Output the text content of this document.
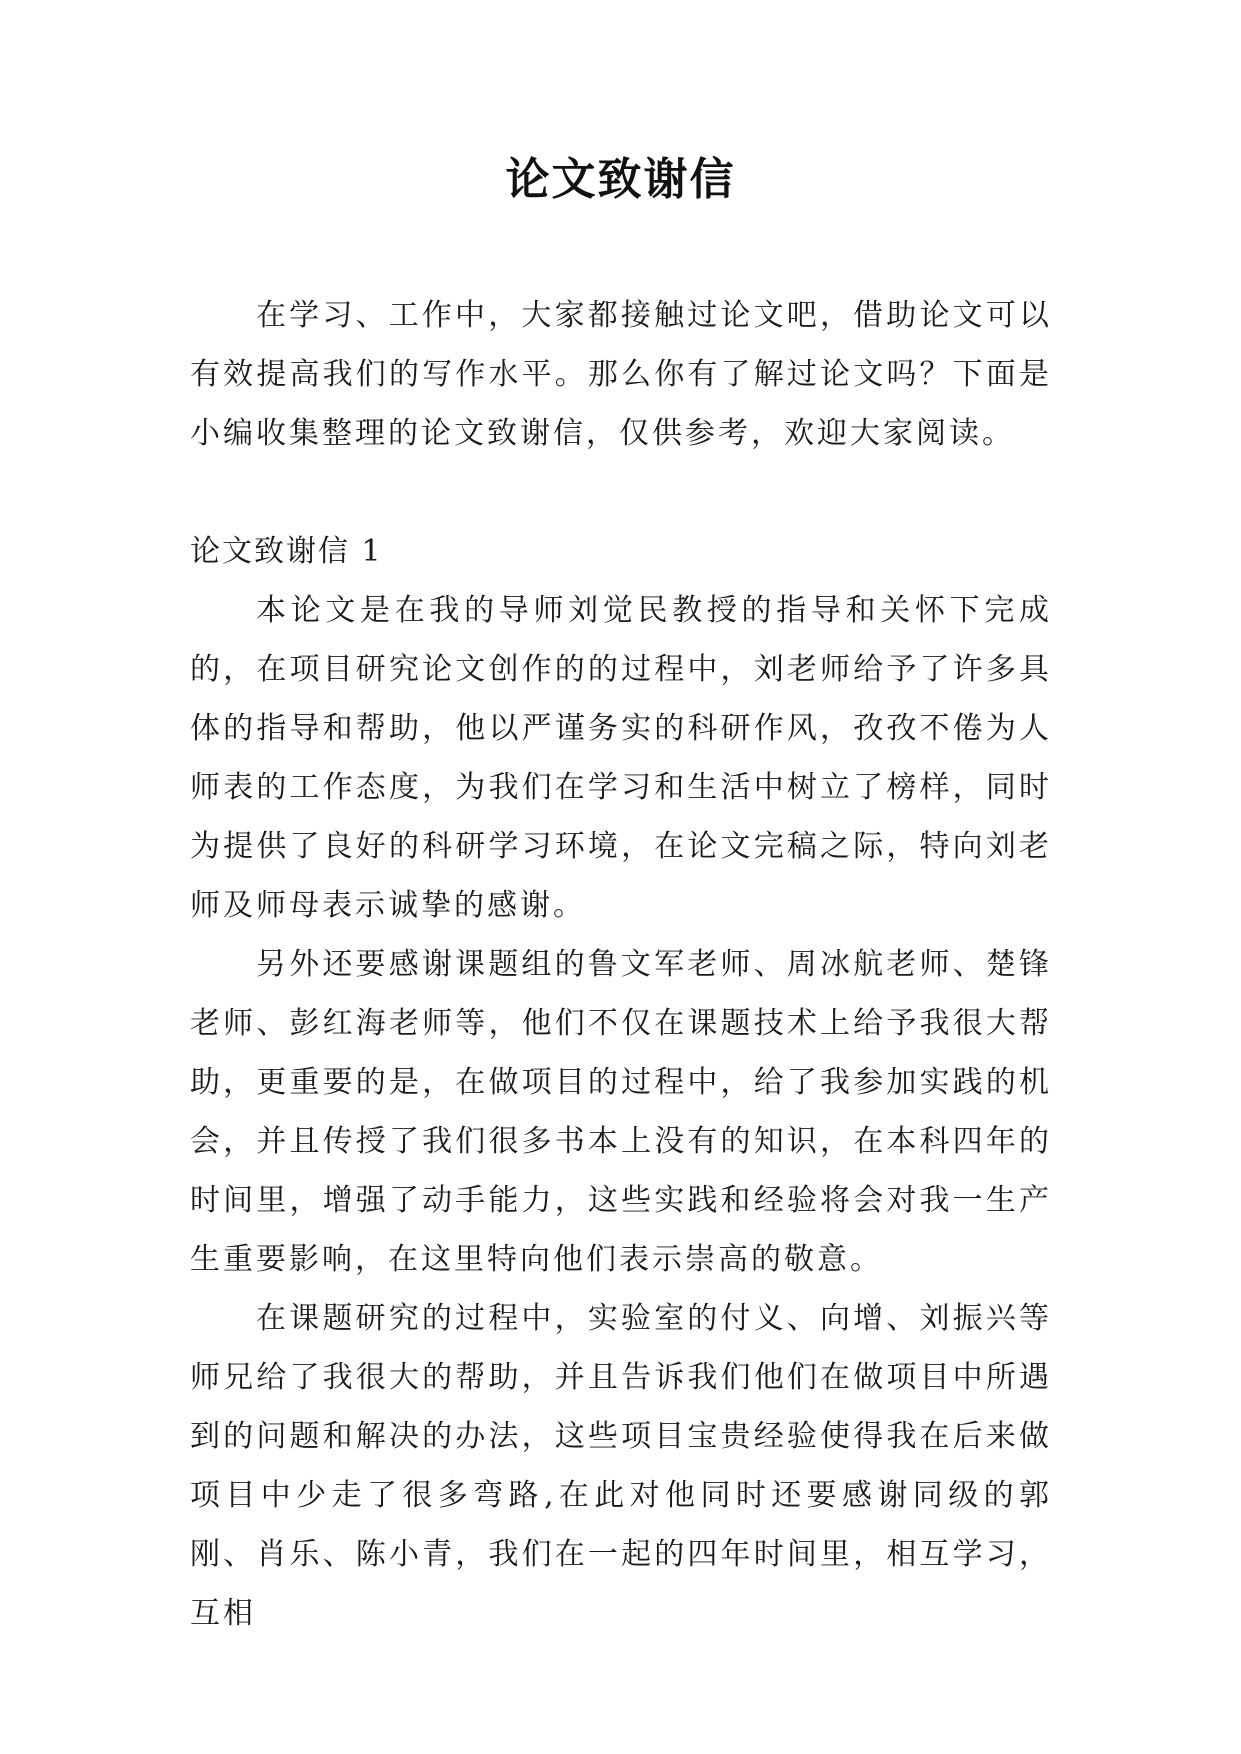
论文致谢信

在学习、工作中，大家都接触过论文吧，借助论文可以有效提高我们的写作水平。那么你有了解过论文吗？下面是小编收集整理的论文致谢信，仅供参考，欢迎大家阅读。

论文致谢信 1

本论文是在我的导师刘觉民教授的指导和关怀下完成的，在项目研究论文创作的的过程中，刘老师给予了许多具体的指导和帮助，他以严谨务实的科研作风，孜孜不倦为人师表的工作态度，为我们在学习和生活中树立了榜样，同时为提供了良好的科研学习环境，在论文完稿之际，特向刘老师及师母表示诚挚的感谢。

另外还要感谢课题组的鲁文军老师、周冰航老师、楚锋老师、彭红海老师等，他们不仅在课题技术上给予我很大帮助，更重要的是，在做项目的过程中，给了我参加实践的机会，并且传授了我们很多书本上没有的知识，在本科四年的时间里，增强了动手能力，这些实践和经验将会对我一生产生重要影响，在这里特向他们表示崇高的敬意。

在课题研究的过程中，实验室的付义、向增、刘振兴等师兄给了我很大的帮助，并且告诉我们他们在做项目中所遇到的问题和解决的办法，这些项目宝贵经验使得我在后来做项目中少走了很多弯路,在此对他同时还要感谢同级的郭刚、肖乐、陈小青，我们在一起的四年时间里，相互学习，互相
